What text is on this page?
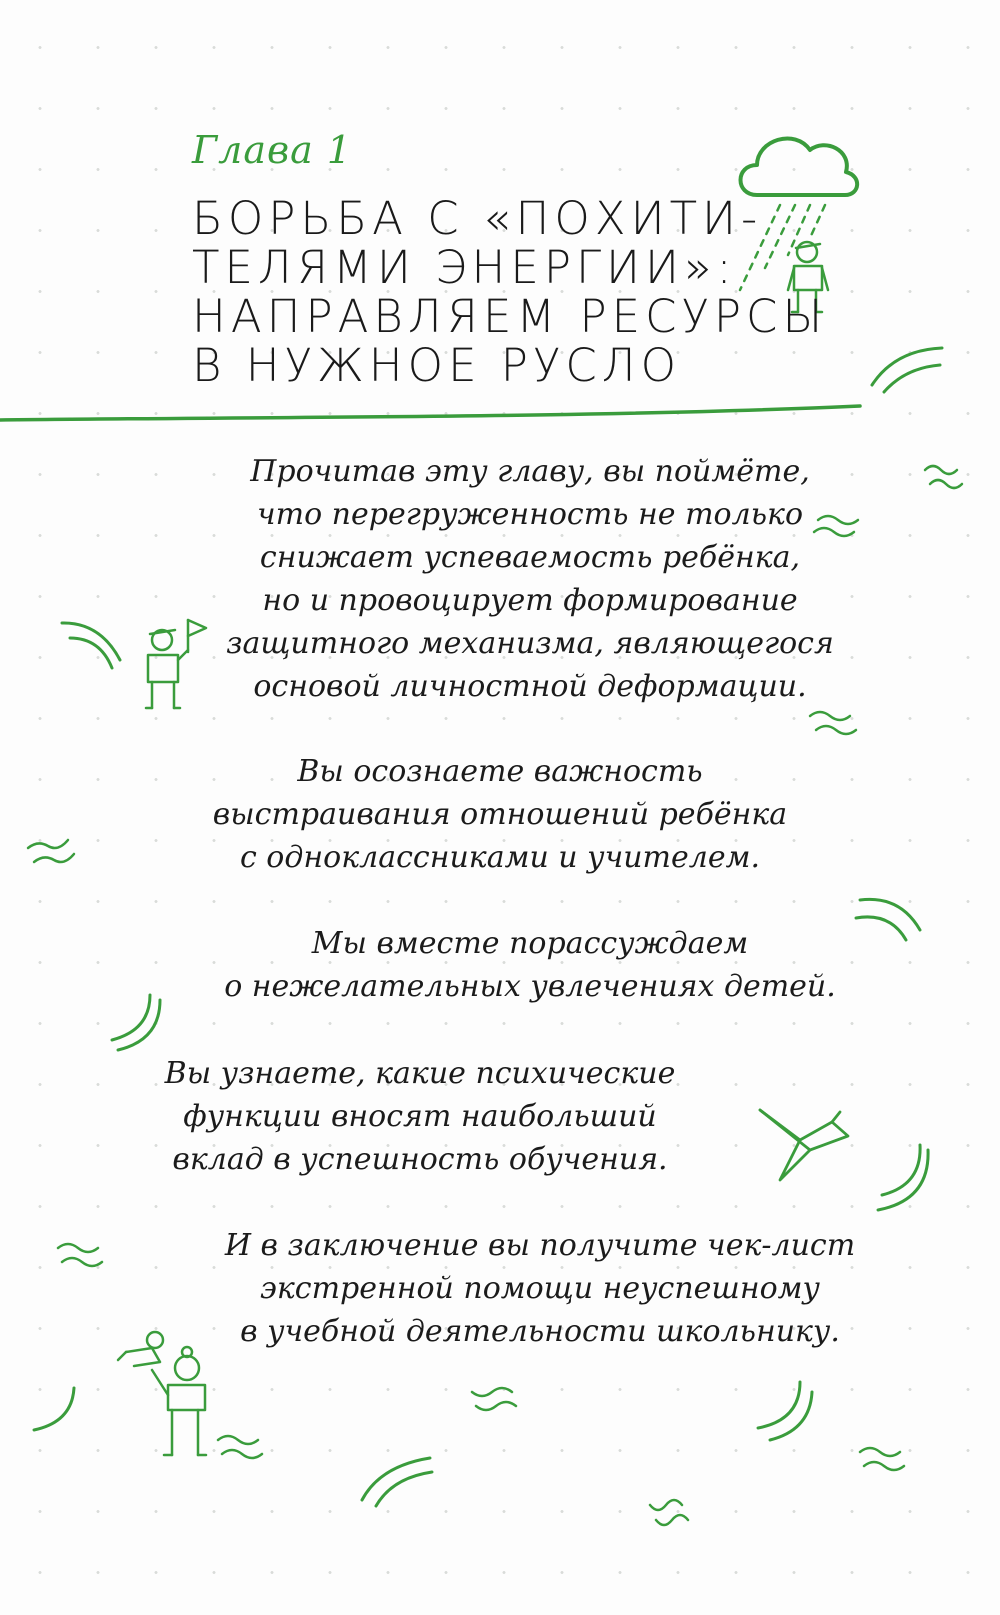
Глава 1
БОРЬБА С «ПОХИТИ-
ТЕЛЯМИ ЭНЕРГИИ»:
НАПРАВЛЯЕМ РЕСУРСЫ
В НУЖНОЕ РУСЛО

Прочитав эту главу, вы поймёте,
что перегруженность не только
снижает успеваемость ребёнка,
но и провоцирует формирование
защитного механизма, являющегося
основой личностной деформации.

Вы осознаете важность
выстраивания отношений ребёнка
с одноклассниками и учителем.

Мы вместе порассуждаем
о нежелательных увлечениях детей.

Вы узнаете, какие психические
функции вносят наибольший
вклад в успешность обучения.

И в заключение вы получите чек-лист
экстренной помощи неуспешному
в учебной деятельности школьнику.
